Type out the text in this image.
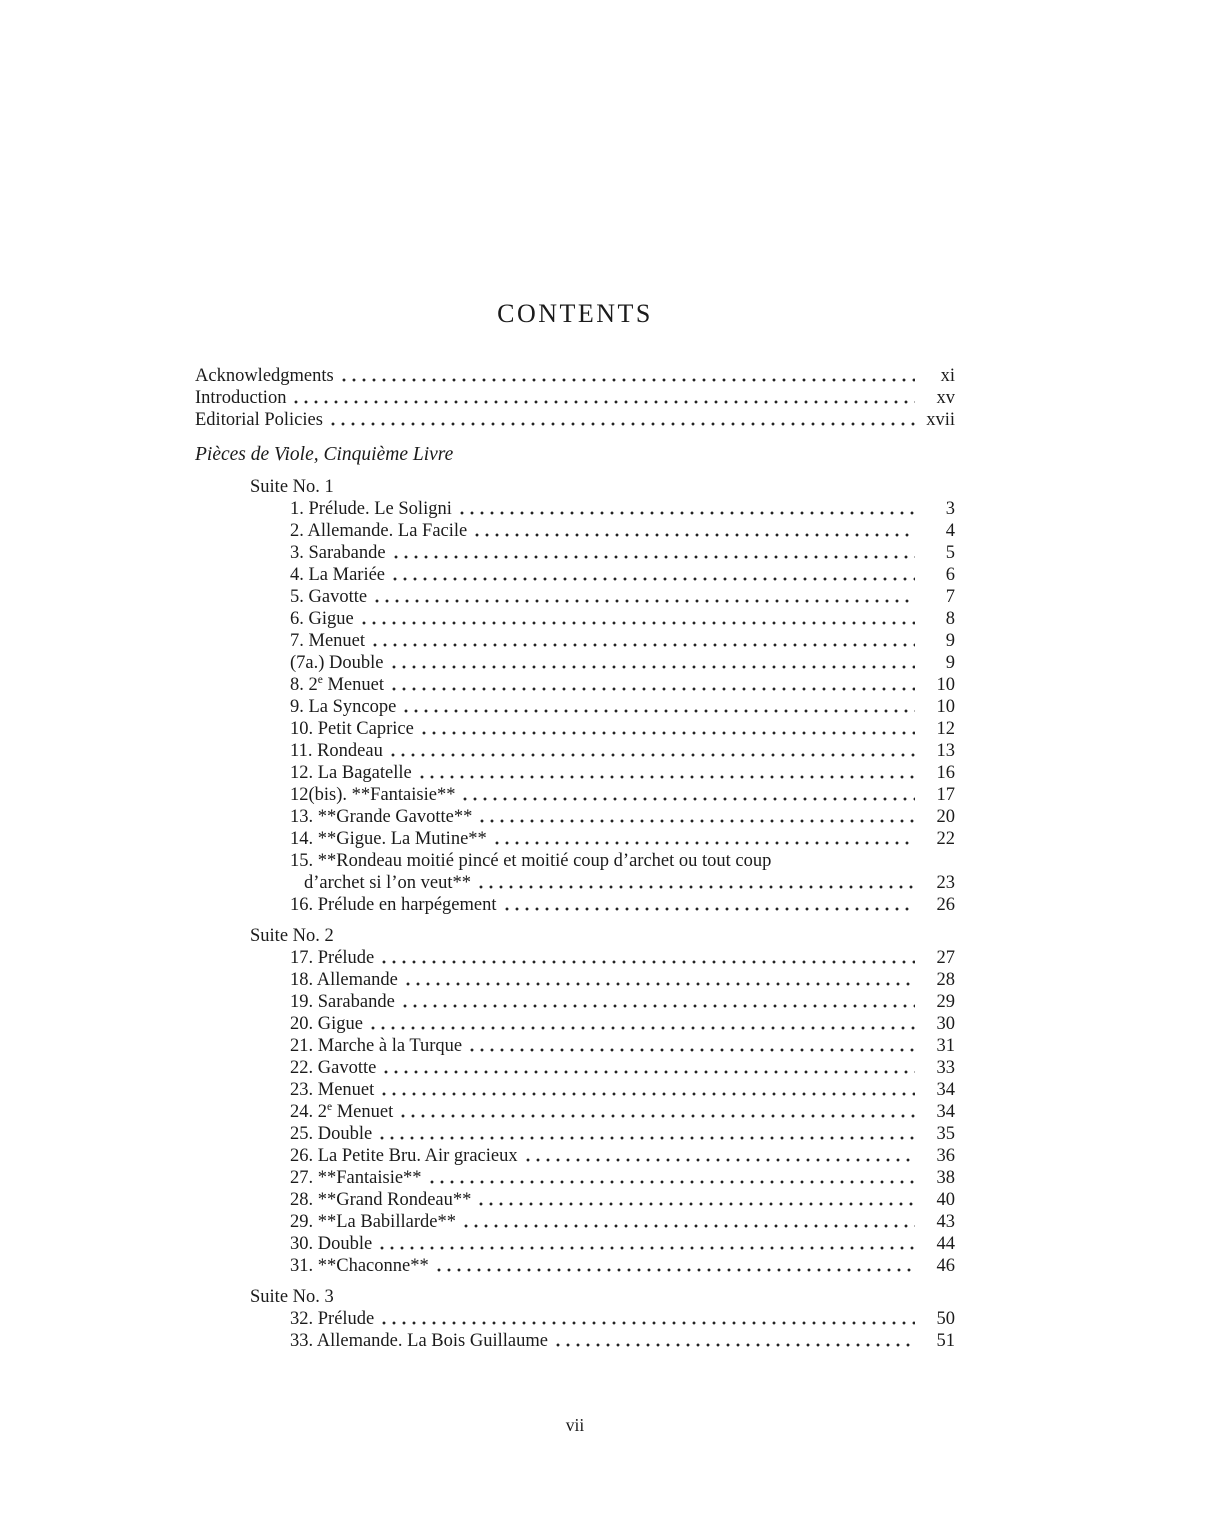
CONTENTS
Acknowledgments	xi
Introduction	xv
Editorial Policies	xvii
Pièces de Viole, Cinquième Livre
Suite No. 1
1. Prélude. Le Soligni	3
2. Allemande. La Facile	4
3. Sarabande	5
4. La Mariée	6
5. Gavotte	7
6. Gigue	8
7. Menuet	9
(7a.) Double	9
8. 2e Menuet	10
9. La Syncope	10
10. Petit Caprice	12
11. Rondeau	13
12. La Bagatelle	16
12(bis). **Fantaisie**	17
13. **Grande Gavotte**	20
14. **Gigue. La Mutine**	22
15. **Rondeau moitié pincé et moitié coup d’archet ou tout coup
d’archet si l’on veut**	23
16. Prélude en harpégement	26
Suite No. 2
17. Prélude	27
18. Allemande	28
19. Sarabande	29
20. Gigue	30
21. Marche à la Turque	31
22. Gavotte	33
23. Menuet	34
24. 2e Menuet	34
25. Double	35
26. La Petite Bru. Air gracieux	36
27. **Fantaisie**	38
28. **Grand Rondeau**	40
29. **La Babillarde**	43
30. Double	44
31. **Chaconne**	46
Suite No. 3
32. Prélude	50
33. Allemande. La Bois Guillaume	51
vii
